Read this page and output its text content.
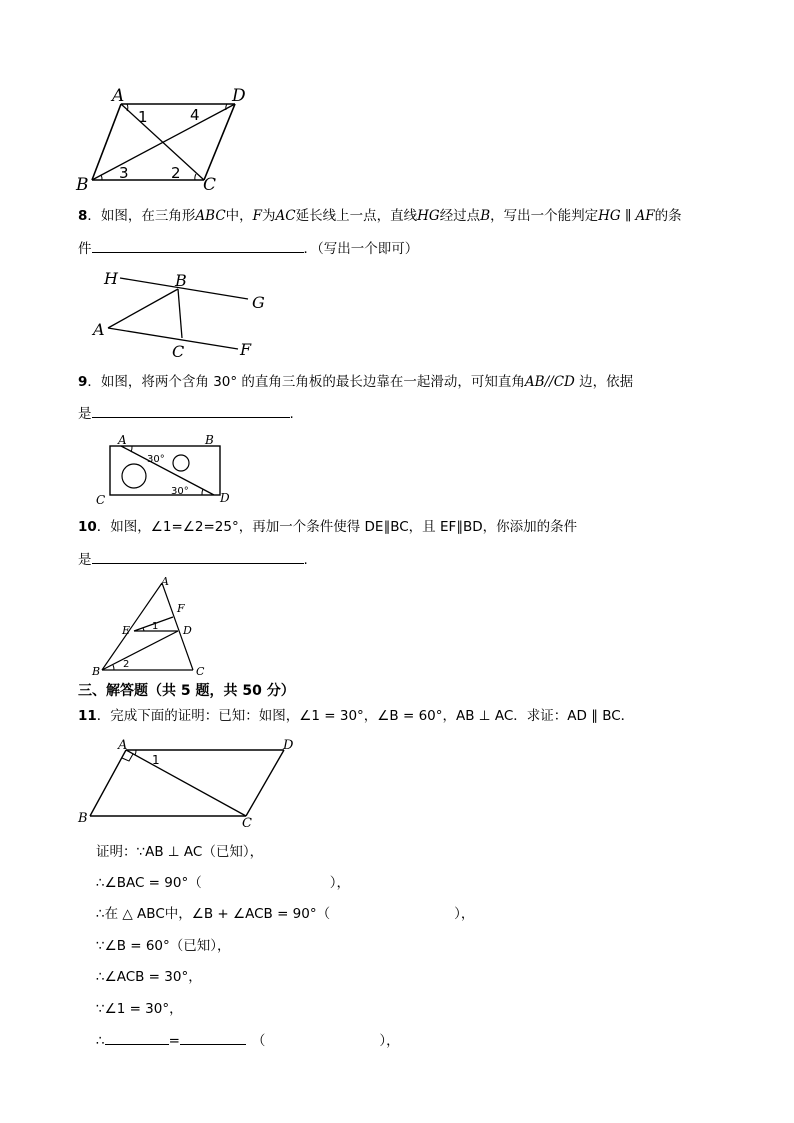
A	D
B	C
1	4
3	2
8．如图，在三角形ABC中，F为AC延长线上一点，直线HG经过点B，写出一个能判定HG ∥ AF的条
件	．（写出一个即可）
H	B
G
A
C	F
9．如图，将两个含角 30° 的直角三角板的最长边靠在一起滑动，可知直角AB//CD 边，依据
是	.
A	B
C	D
30°
30°
10．如图，∠1=∠2=25°，再加一个条件使得 DE∥BC，且 EF∥BD，你添加的条件
是	.
A
F
E	D
B	C
1
2
三、解答题（共 5 题，共 50 分）
11．完成下面的证明：已知：如图，∠1 = 30°，∠B = 60°，AB ⊥ AC．求证：AD ∥ BC．
A	D
B	C
1
证明：∵AB ⊥ AC（已知），
∴∠BAC = 90°（	），
∴在 △ ABC中，∠B + ∠ACB = 90°（	），
∵∠B = 60°（已知），
∴∠ACB = 30°，
∵∠1 = 30°，
∴	=	（	），
